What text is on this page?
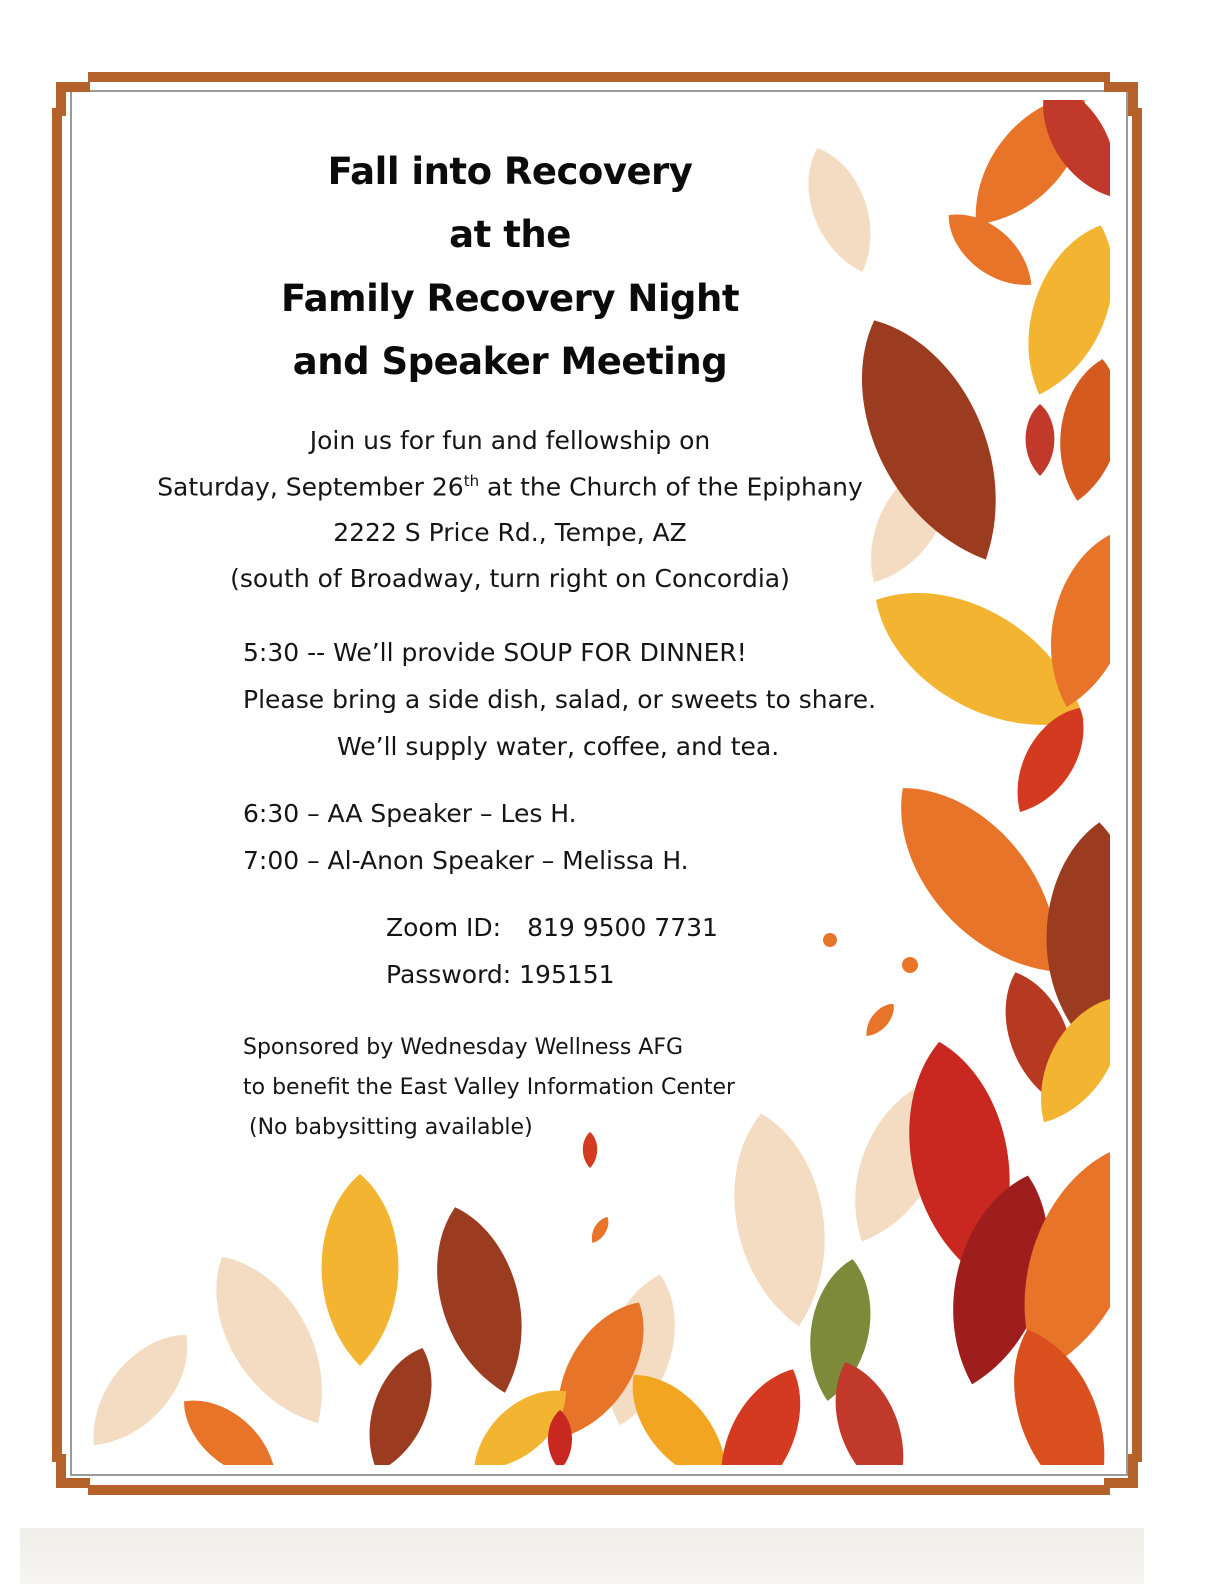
Fall into Recovery
at the
Family Recovery Night
and Speaker Meeting
Join us for fun and fellowship on
Saturday, September 26th at the Church of the Epiphany
2222 S Price Rd., Tempe, AZ
(south of Broadway, turn right on Concordia)
5:30 -- We’ll provide SOUP FOR DINNER!
Please bring a side dish, salad, or sweets to share.
We’ll supply water, coffee, and tea.
6:30 – AA Speaker – Les H.
7:00 – Al-Anon Speaker – Melissa H.
Zoom ID: 819 9500 7731
Password: 195151
Sponsored by Wednesday Wellness AFG
to benefit the East Valley Information Center
(No babysitting available)
